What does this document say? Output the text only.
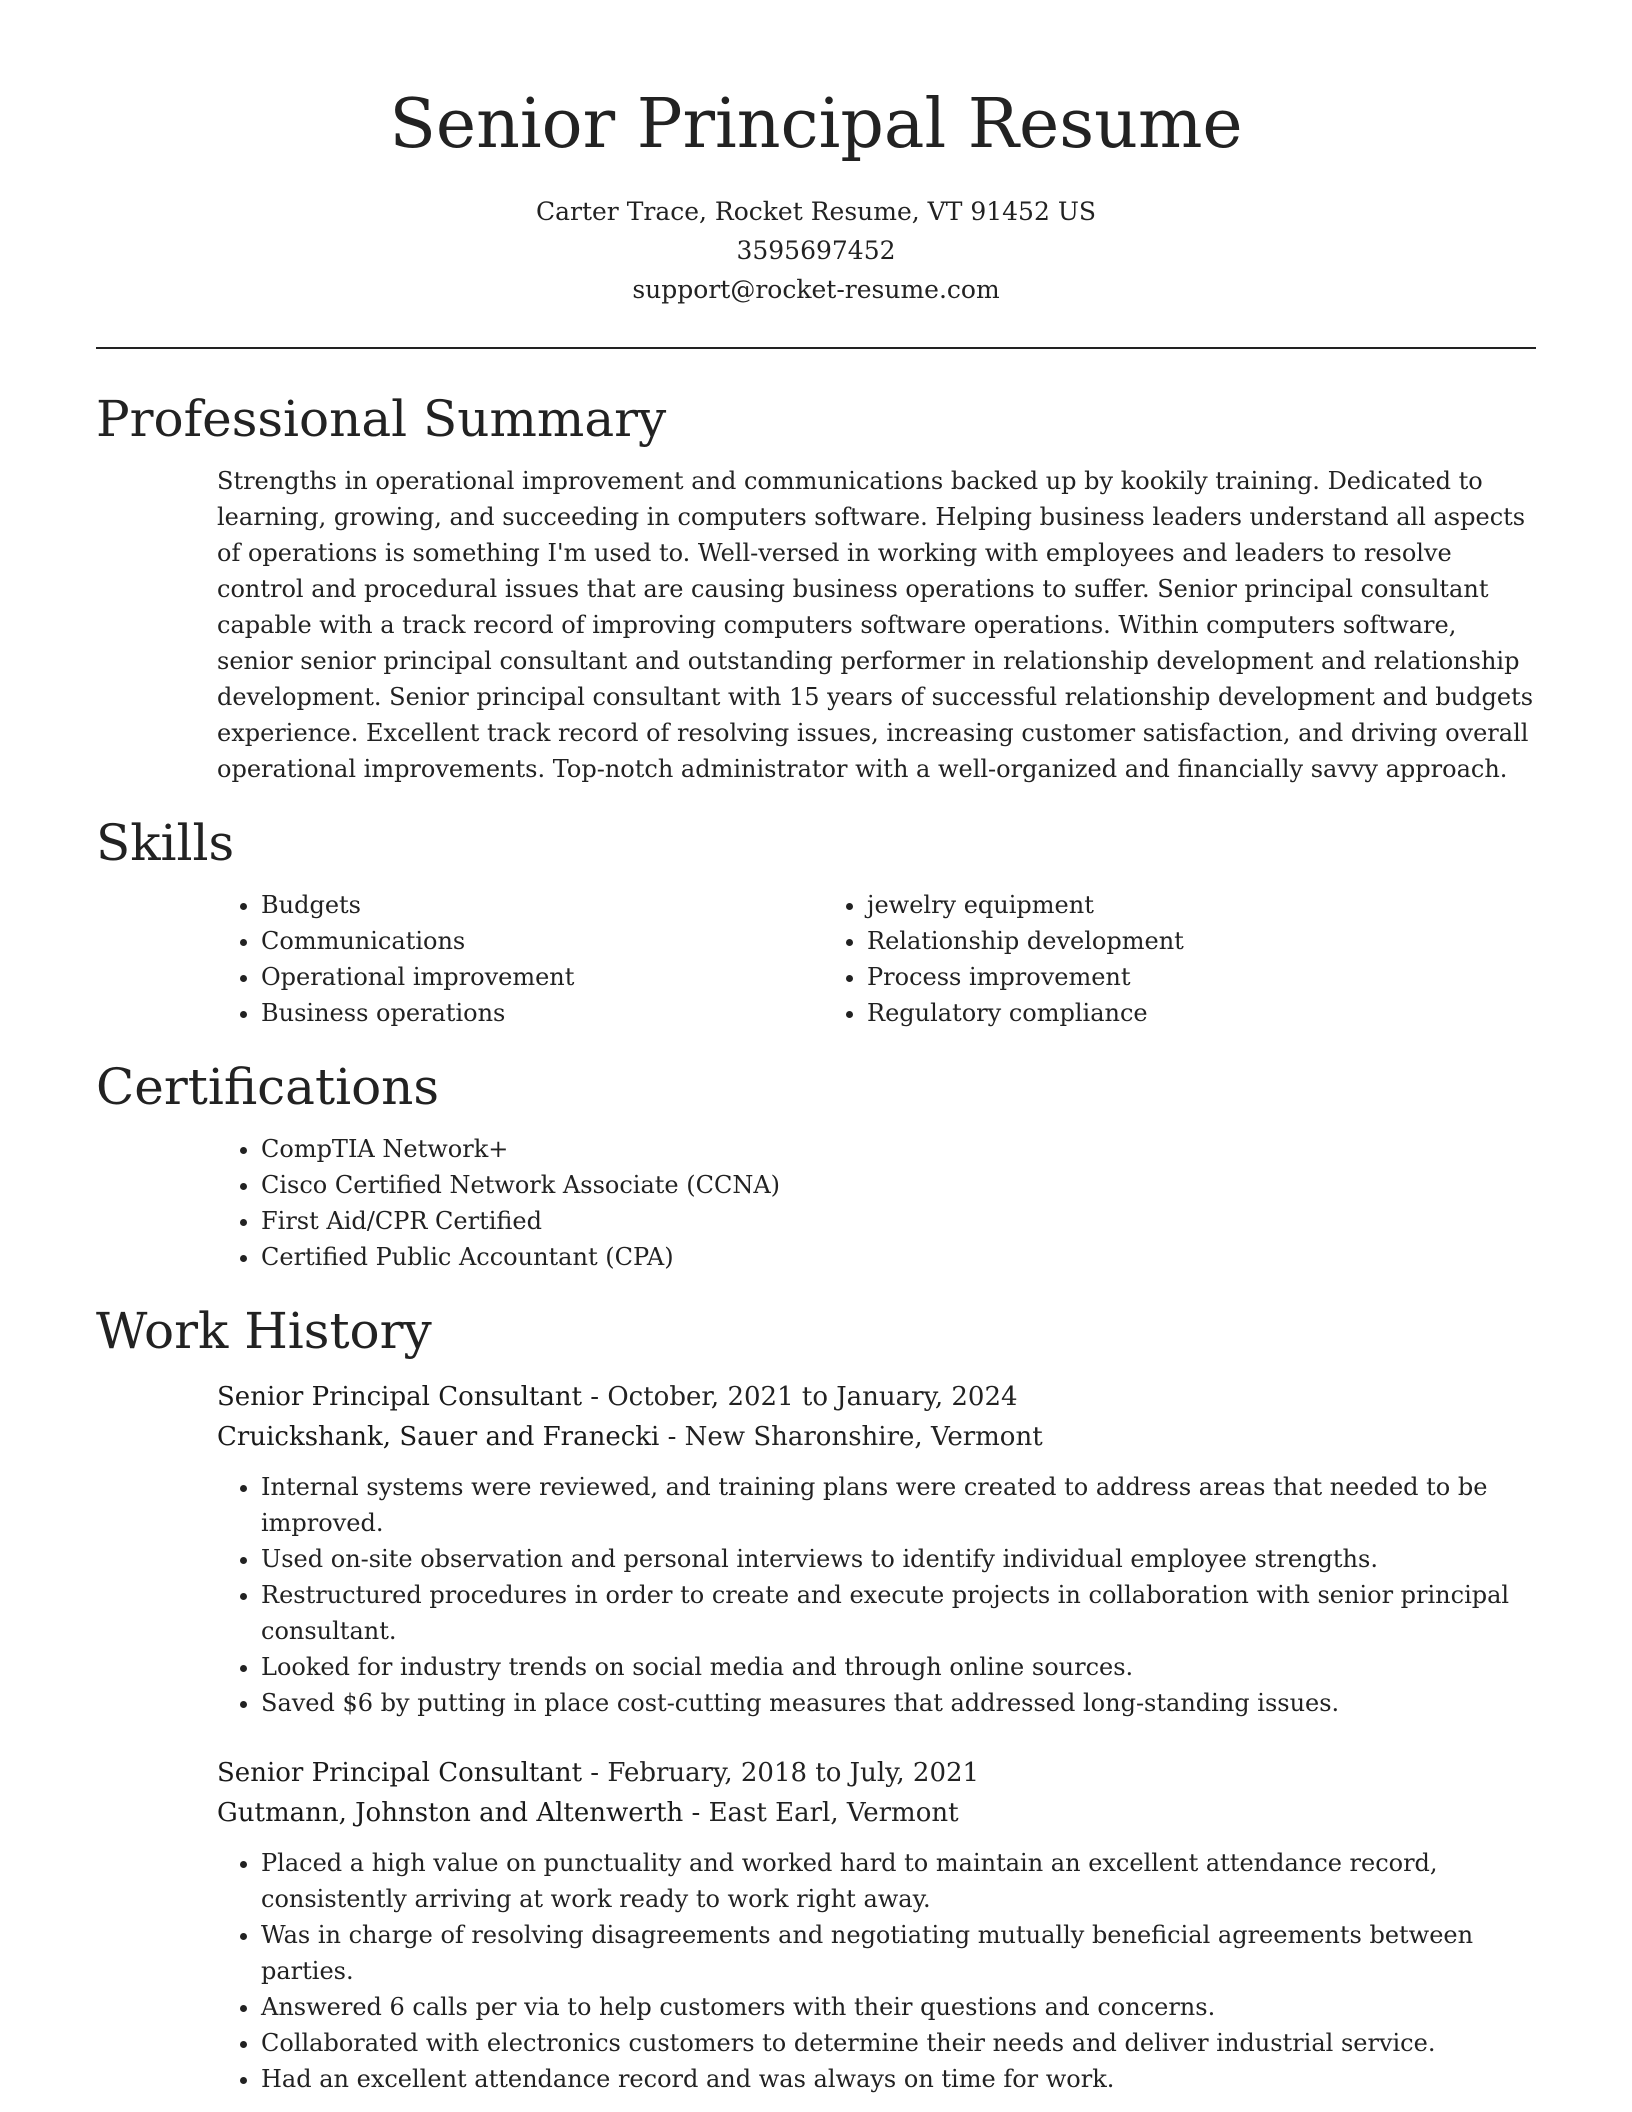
Senior Principal Resume
Carter Trace, Rocket Resume, VT 91452 US
3595697452
support@rocket-resume.com
Professional Summary

Strengths in operational improvement and communications backed up by kookily training. Dedicated to learning, growing, and succeeding in computers software. Helping business leaders understand all aspects of operations is something I'm used to. Well-versed in working with employees and leaders to resolve control and procedural issues that are causing business operations to suffer. Senior principal consultant capable with a track record of improving computers software operations. Within computers software, senior senior principal consultant and outstanding performer in relationship development and relationship development. Senior principal consultant with 15 years of successful relationship development and budgets experience. Excellent track record of resolving issues, increasing customer satisfaction, and driving overall operational improvements. Top-notch administrator with a well-organized and financially savvy approach.

Skills
• Budgets
• Communications
• Operational improvement
• Business operations
• jewelry equipment
• Relationship development
• Process improvement
• Regulatory compliance
Certifications
• CompTIA Network+
• Cisco Certified Network Associate (CCNA)
• First Aid/CPR Certified
• Certified Public Accountant (CPA)
Work History
Senior Principal Consultant - October, 2021 to January, 2024
Cruickshank, Sauer and Franecki - New Sharonshire, Vermont
• Internal systems were reviewed, and training plans were created to address areas that needed to be improved.
• Used on-site observation and personal interviews to identify individual employee strengths.
• Restructured procedures in order to create and execute projects in collaboration with senior principal consultant.
• Looked for industry trends on social media and through online sources.
• Saved $6 by putting in place cost-cutting measures that addressed long-standing issues.
Senior Principal Consultant - February, 2018 to July, 2021
Gutmann, Johnston and Altenwerth - East Earl, Vermont
• Placed a high value on punctuality and worked hard to maintain an excellent attendance record, consistently arriving at work ready to work right away.
• Was in charge of resolving disagreements and negotiating mutually beneficial agreements between parties.
• Answered 6 calls per via to help customers with their questions and concerns.
• Collaborated with electronics customers to determine their needs and deliver industrial service.
• Had an excellent attendance record and was always on time for work.
